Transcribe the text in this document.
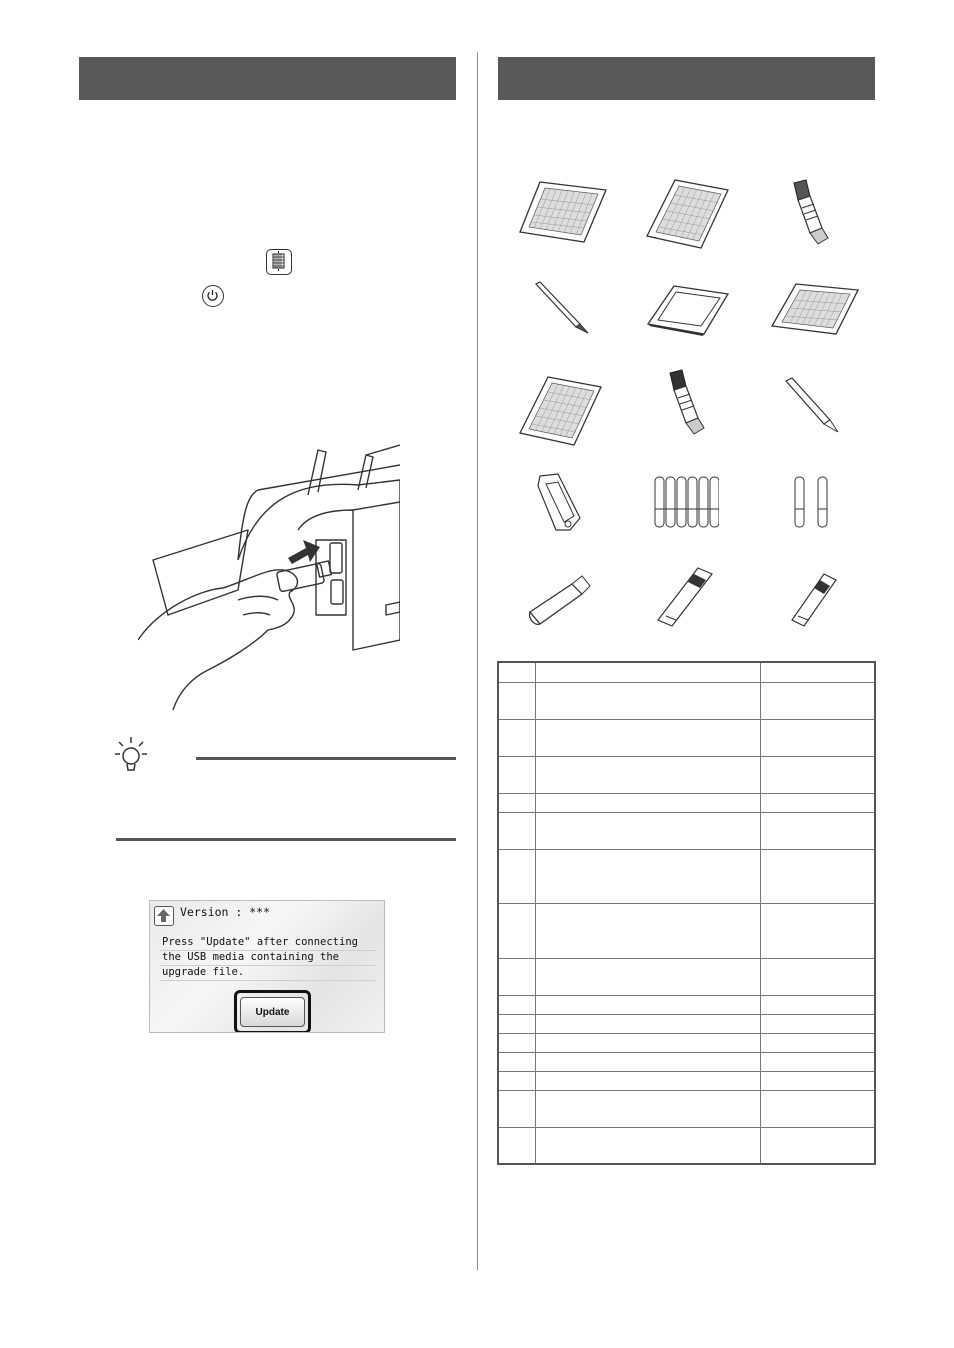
Version : ***
Press "Update" after connecting
the USB media containing the
upgrade file.
Update
